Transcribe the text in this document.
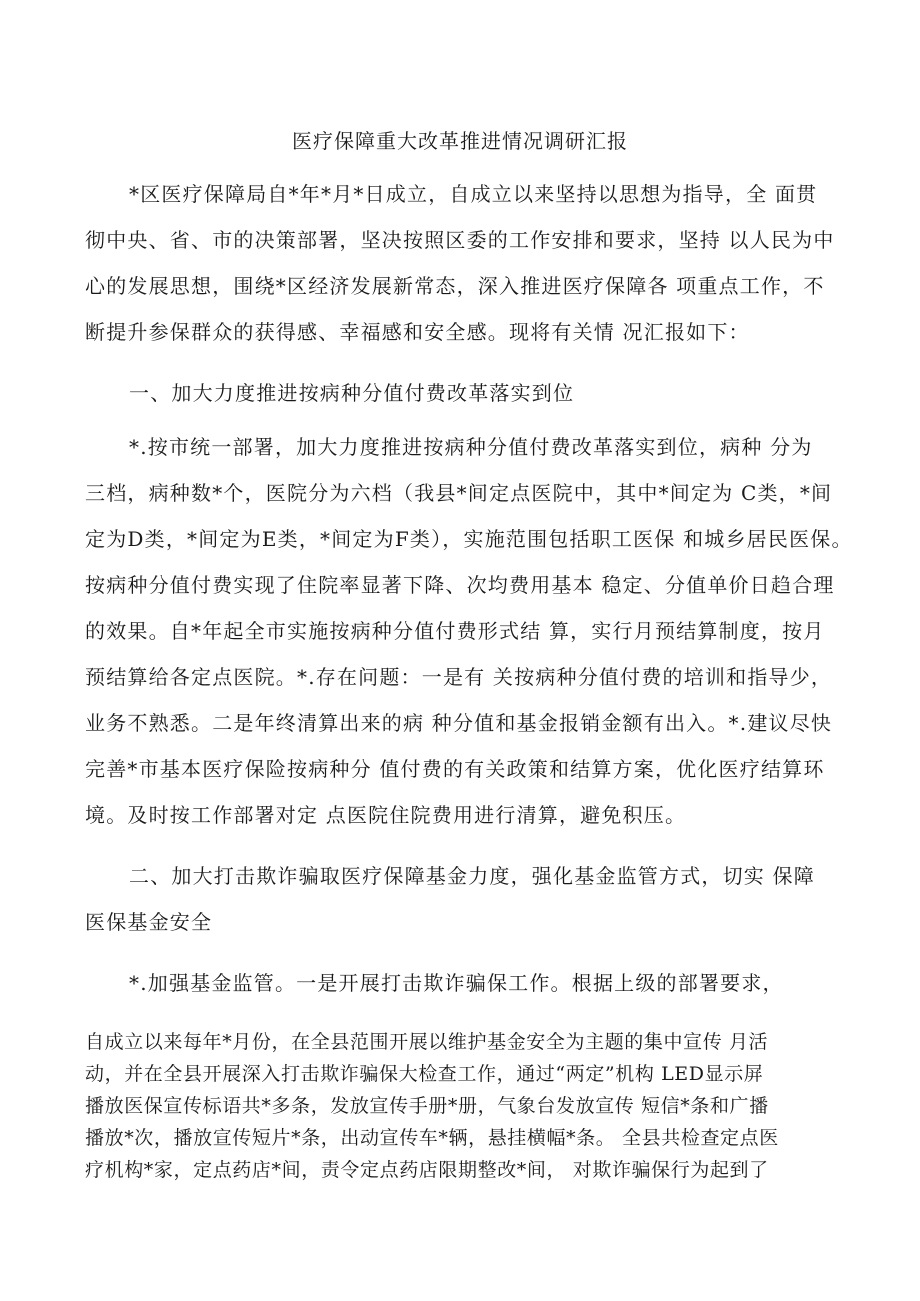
医疗保障重大改革推进情况调研汇报
*区医疗保障局自*年*月*日成立，自成立以来坚持以思想为指导，全 面贯
彻中央、省、市的决策部署，坚决按照区委的工作安排和要求，坚持 以人民为中
心的发展思想，围绕*区经济发展新常态，深入推进医疗保障各 项重点工作，不
断提升参保群众的获得感、幸福感和安全感。现将有关情 况汇报如下：
一、加大力度推进按病种分值付费改革落实到位
*.按市统一部署，加大力度推进按病种分值付费改革落实到位，病种 分为
三档，病种数*个，医院分为六档（我县*间定点医院中，其中*间定为 C类，*间
定为D类，*间定为E类，*间定为F类），实施范围包括职工医保 和城乡居民医保。
按病种分值付费实现了住院率显著下降、次均费用基本 稳定、分值单价日趋合理
的效果。自*年起全市实施按病种分值付费形式结 算，实行月预结算制度，按月
预结算给各定点医院。*.存在问题：一是有 关按病种分值付费的培训和指导少，
业务不熟悉。二是年终清算出来的病 种分值和基金报销金额有出入。*.建议尽快
完善*市基本医疗保险按病种分 值付费的有关政策和结算方案，优化医疗结算环
境。及时按工作部署对定 点医院住院费用进行清算，避免积压。
二、加大打击欺诈骗取医疗保障基金力度，强化基金监管方式，切实 保障
医保基金安全
*.加强基金监管。一是开展打击欺诈骗保工作。根据上级的部署要求，
自成立以来每年*月份，在全县范围开展以维护基金安全为主题的集中宣传 月活
动，并在全县开展深入打击欺诈骗保大检查工作，通过“两定”机构 LED显示屏
播放医保宣传标语共*多条，发放宣传手册*册，气象台发放宣传 短信*条和广播
播放*次，播放宣传短片*条，出动宣传车*辆，悬挂横幅*条。 全县共检查定点医
疗机构*家，定点药店*间，责令定点药店限期整改*间， 对欺诈骗保行为起到了
